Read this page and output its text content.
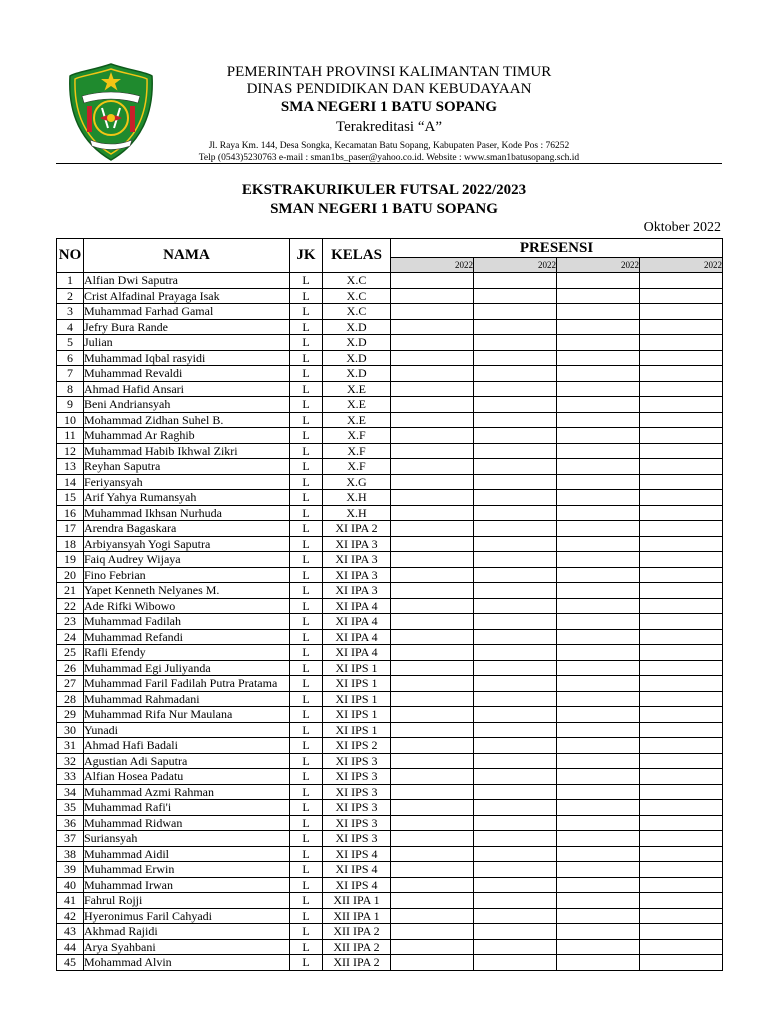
PEMERINTAH PROVINSI KALIMANTAN TIMUR
DINAS PENDIDIKAN DAN KEBUDAYAAN
SMA NEGERI 1 BATU SOPANG
Terakreditasi “A”
Jl. Raya Km. 144, Desa Songka, Kecamatan Batu Sopang, Kabupaten Paser, Kode Pos : 76252
Telp (0543)5230763 e-mail : sman1bs_paser@yahoo.co.id. Website : www.sman1batusopang.sch.id
EKSTRAKURIKULER FUTSAL 2022/2023
SMAN NEGERI 1 BATU SOPANG
Oktober 2022
NO	NAMA	JK	KELAS	PRESENSI			
				2022	2022	2022	2022
1	Alfian Dwi Saputra	L	X.C				
2	Crist Alfadinal Prayaga Isak	L	X.C				
3	Muhammad Farhad Gamal	L	X.C				
4	Jefry Bura Rande	L	X.D				
5	Julian	L	X.D				
6	Muhammad Iqbal rasyidi	L	X.D				
7	Muhammad Revaldi	L	X.D				
8	Ahmad Hafid Ansari	L	X.E				
9	Beni Andriansyah	L	X.E				
10	Mohammad Zidhan Suhel B.	L	X.E				
11	Muhammad Ar Raghib	L	X.F				
12	Muhammad Habib Ikhwal Zikri	L	X.F				
13	Reyhan Saputra	L	X.F				
14	Feriyansyah	L	X.G				
15	Arif Yahya Rumansyah	L	X.H				
16	Muhammad Ikhsan Nurhuda	L	X.H				
17	Arendra Bagaskara	L	XI IPA 2				
18	Arbiyansyah Yogi Saputra	L	XI IPA 3				
19	Faiq Audrey Wijaya	L	XI IPA 3				
20	Fino Febrian	L	XI IPA 3				
21	Yapet Kenneth Nelyanes M.	L	XI IPA 3				
22	Ade Rifki Wibowo	L	XI IPA 4				
23	Muhammad Fadilah	L	XI IPA 4				
24	Muhammad Refandi	L	XI IPA 4				
25	Rafli Efendy	L	XI IPA 4				
26	Muhammad Egi Juliyanda	L	XI IPS 1				
27	Muhammad Faril Fadilah Putra Pratama	L	XI IPS 1				
28	Muhammad Rahmadani	L	XI IPS 1				
29	Muhammad Rifa Nur Maulana	L	XI IPS 1				
30	Yunadi	L	XI IPS 1				
31	Ahmad Hafi Badali	L	XI IPS 2				
32	Agustian Adi Saputra	L	XI IPS 3				
33	Alfian Hosea Padatu	L	XI IPS 3				
34	Muhammad Azmi Rahman	L	XI IPS 3				
35	Muhammad Rafi'i	L	XI IPS 3				
36	Muhammad Ridwan	L	XI IPS 3				
37	Suriansyah	L	XI IPS 3				
38	Muhammad Aidil	L	XI IPS 4				
39	Muhammad Erwin	L	XI IPS 4				
40	Muhammad Irwan	L	XI IPS 4				
41	Fahrul Rojji	L	XII IPA 1				
42	Hyeronimus Faril Cahyadi	L	XII IPA 1				
43	Akhmad Rajidi	L	XII IPA 2				
44	Arya Syahbani	L	XII IPA 2				
45	Mohammad Alvin	L	XII IPA 2				
